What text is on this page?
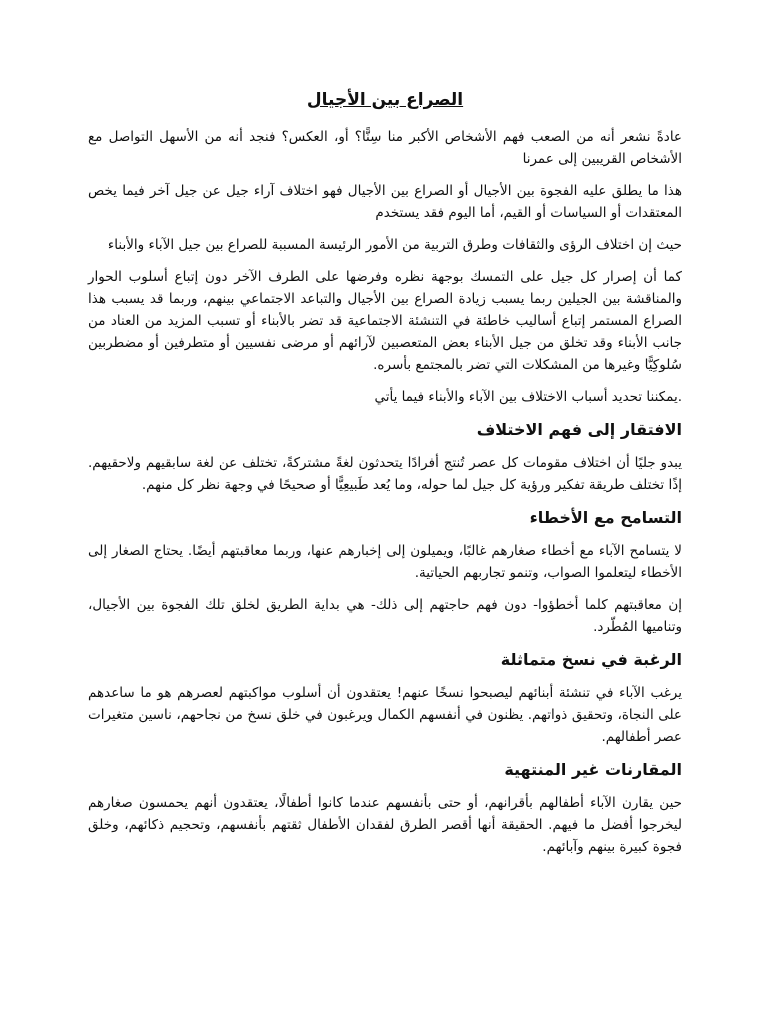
الصراع بين الأجيال

عادةً نشعر أنه من الصعب فهم الأشخاص الأكبر منا سِنًّا؟ أو، العكس؟ فنجد أنه من الأسهل التواصل مع الأشخاص القريبين إلى عمرنا

هذا ما يطلق عليه الفجوة بين الأجيال أو الصراع بين الأجيال فهو اختلاف آراء جيل عن جيل آخر فيما يخص المعتقدات أو السياسات أو القيم، أما اليوم فقد يستخدم

حيث إن اختلاف الرؤى والثقافات وطرق التربية من الأمور الرئيسة المسببة للصراع بين جيل الآباء والأبناء

كما أن إصرار كل جيل على التمسك بوجهة نظره وفرضها على الطرف الآخر دون إتباع أسلوب الحوار والمناقشة بين الجيلين ربما يسبب زيادة الصراع بين الأجيال والتباعد الاجتماعي بينهم، وربما قد يسبب هذا الصراع المستمر إتباع أساليب خاطئة في التنشئة الاجتماعية قد تضر بالأبناء أو تسبب المزيد من العناد من جانب الأبناء وقد تخلق من جيل الأبناء بعض المتعصبين لآرائهم أو مرضى نفسيين أو متطرفين أو مضطربين سُلوكِيًّا وغيرها من المشكلات التي تضر بالمجتمع بأسره.

.يمكننا تحديد أسباب الاختلاف بين الآباء والأبناء فيما يأتي

الافتقار إلى فهم الاختلاف

يبدو جليًا أن اختلاف مقومات كل عصر تُنتج أفرادًا يتحدثون لغةً مشتركةً، تختلف عن لغة سابقيهم ولاحقيهم. إذًا تختلف طريقة تفكير ورؤية كل جيل لما حوله، وما يُعد طَبيعِيًّا أو صحيحًا في وجهة نظر كل منهم.

التسامح مع الأخطاء

لا يتسامح الآباء مع أخطاء صغارهم غالبًا، ويميلون إلى إخبارهم عنها، وربما معاقبتهم أيضًا. يحتاج الصغار إلى الأخطاء ليتعلموا الصواب، وتنمو تجاربهم الحياتية.

إن معاقبتهم كلما أخطؤوا- دون فهم حاجتهم إلى ذلك- هي بداية الطريق لخلق تلك الفجوة بين الأجيال، وتناميها المُطّرد.

الرغبة في نسخ متماثلة

يرغب الآباء في تنشئة أبنائهم ليصبحوا نسخًا عنهم! يعتقدون أن أسلوب مواكبتهم لعصرهم هو ما ساعدهم على النجاة، وتحقيق ذواتهم. يظنون في أنفسهم الكمال ويرغبون في خلق نسخ من نجاحهم، ناسين متغيرات عصر أطفالهم.

المقارنات غير المنتهية

حين يقارن الآباء أطفالهم بأقرانهم، أو حتى بأنفسهم عندما كانوا أطفالًا، يعتقدون أنهم يحمسون صغارهم ليخرجوا أفضل ما فيهم. الحقيقة أنها أقصر الطرق لفقدان الأطفال ثقتهم بأنفسهم، وتحجيم ذكائهم، وخلق فجوة كبيرة بينهم وآبائهم.
